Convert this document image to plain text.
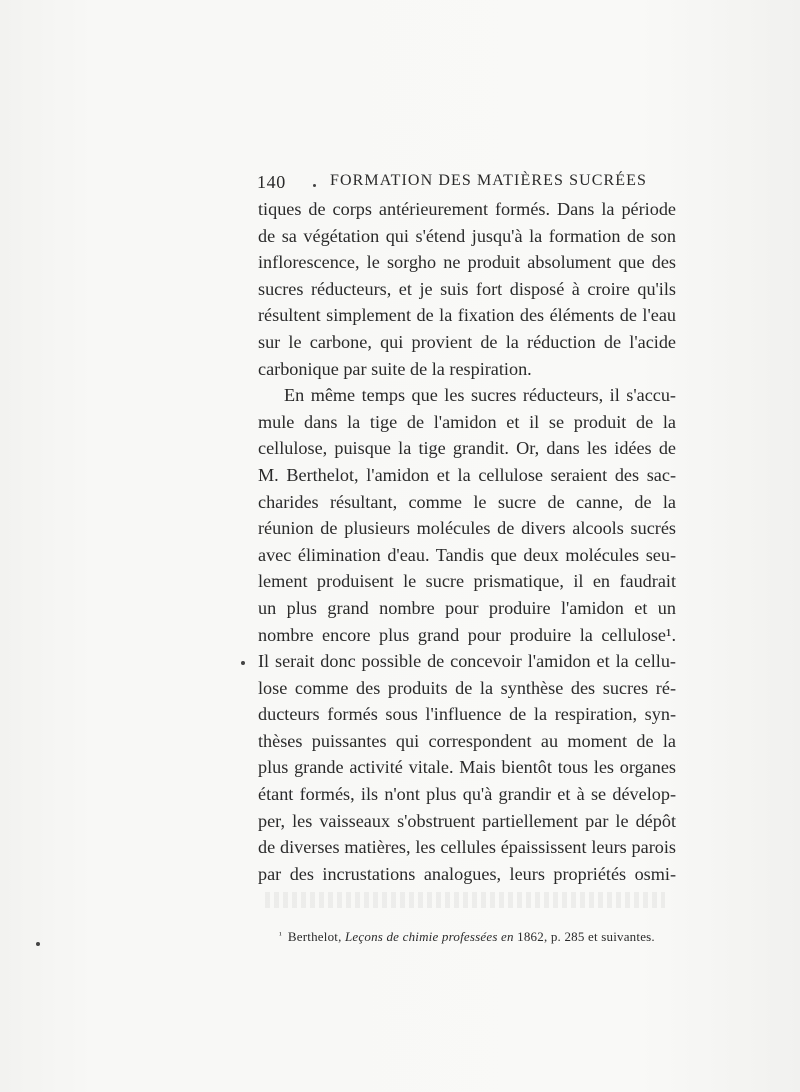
140	FORMATION DES MATIÈRES SUCRÉES
tiques de corps antérieurement formés. Dans la période
de sa végétation qui s'étend jusqu'à la formation de son
inflorescence, le sorgho ne produit absolument que des
sucres réducteurs, et je suis fort disposé à croire qu'ils
résultent simplement de la fixation des éléments de l'eau
sur le carbone, qui provient de la réduction de l'acide
carbonique par suite de la respiration.
En même temps que les sucres réducteurs, il s'accu-
mule dans la tige de l'amidon et il se produit de la
cellulose, puisque la tige grandit. Or, dans les idées de
M. Berthelot, l'amidon et la cellulose seraient des sac-
charides résultant, comme le sucre de canne, de la
réunion de plusieurs molécules de divers alcools sucrés
avec élimination d'eau. Tandis que deux molécules seu-
lement produisent le sucre prismatique, il en faudrait
un plus grand nombre pour produire l'amidon et un
nombre encore plus grand pour produire la cellulose¹.
Il serait donc possible de concevoir l'amidon et la cellu-
lose comme des produits de la synthèse des sucres ré-
ducteurs formés sous l'influence de la respiration, syn-
thèses puissantes qui correspondent au moment de la
plus grande activité vitale. Mais bientôt tous les organes
étant formés, ils n'ont plus qu'à grandir et à se dévelop-
per, les vaisseaux s'obstruent partiellement par le dépôt
de diverses matières, les cellules épaississent leurs parois
par des incrustations analogues, leurs propriétés osmi-
$^{^1}$ Berthelot, Leçons de chimie professées en 1862, p. 285 et suivantes.
